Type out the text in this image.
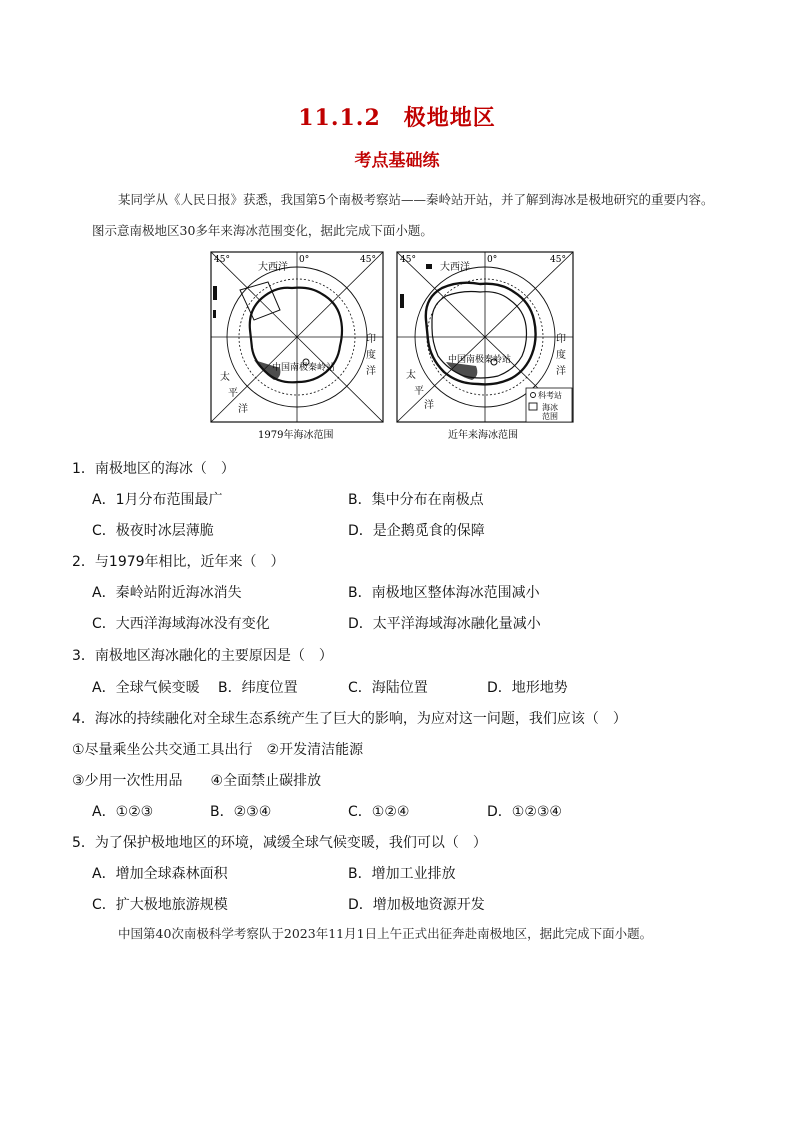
11.1.2　极地地区
考点基础练
某同学从《人民日报》获悉，我国第5个南极考察站——秦岭站开站，并了解到海冰是极地研究的重要内容。图示意南极地区30多年来海冰范围变化，据此完成下面小题。
45°	0°	45°
大西洋
印
度
洋
太
平
洋
中国南极秦岭站
1979年海冰范围
45°	0°	45°
大西洋
印
度
洋
太
平
洋
中国南极秦岭站
科考站
海冰
范围
近年来海冰范围
1．南极地区的海冰（　）
A．1月分布范围最广	B．集中分布在南极点
C．极夜时冰层薄脆	D．是企鹅觅食的保障
2．与1979年相比，近年来（　）
A．秦岭站附近海冰消失	B．南极地区整体海冰范围减小
C．大西洋海域海冰没有变化	D．太平洋海域海冰融化量减小
3．南极地区海冰融化的主要原因是（　）
A．全球气候变暖 B．纬度位置	C．海陆位置	D．地形地势
4．海冰的持续融化对全球生态系统产生了巨大的影响，为应对这一问题，我们应该（　）
①尽量乘坐公共交通工具出行　②开发清洁能源
③少用一次性用品　　④全面禁止碳排放
A．①②③	B．②③④	C．①②④	D．①②③④
5．为了保护极地地区的环境，减缓全球气候变暖，我们可以（　）
A．增加全球森林面积	B．增加工业排放
C．扩大极地旅游规模	D．增加极地资源开发
中国第40次南极科学考察队于2023年11月1日上午正式出征奔赴南极地区，据此完成下面小题。
